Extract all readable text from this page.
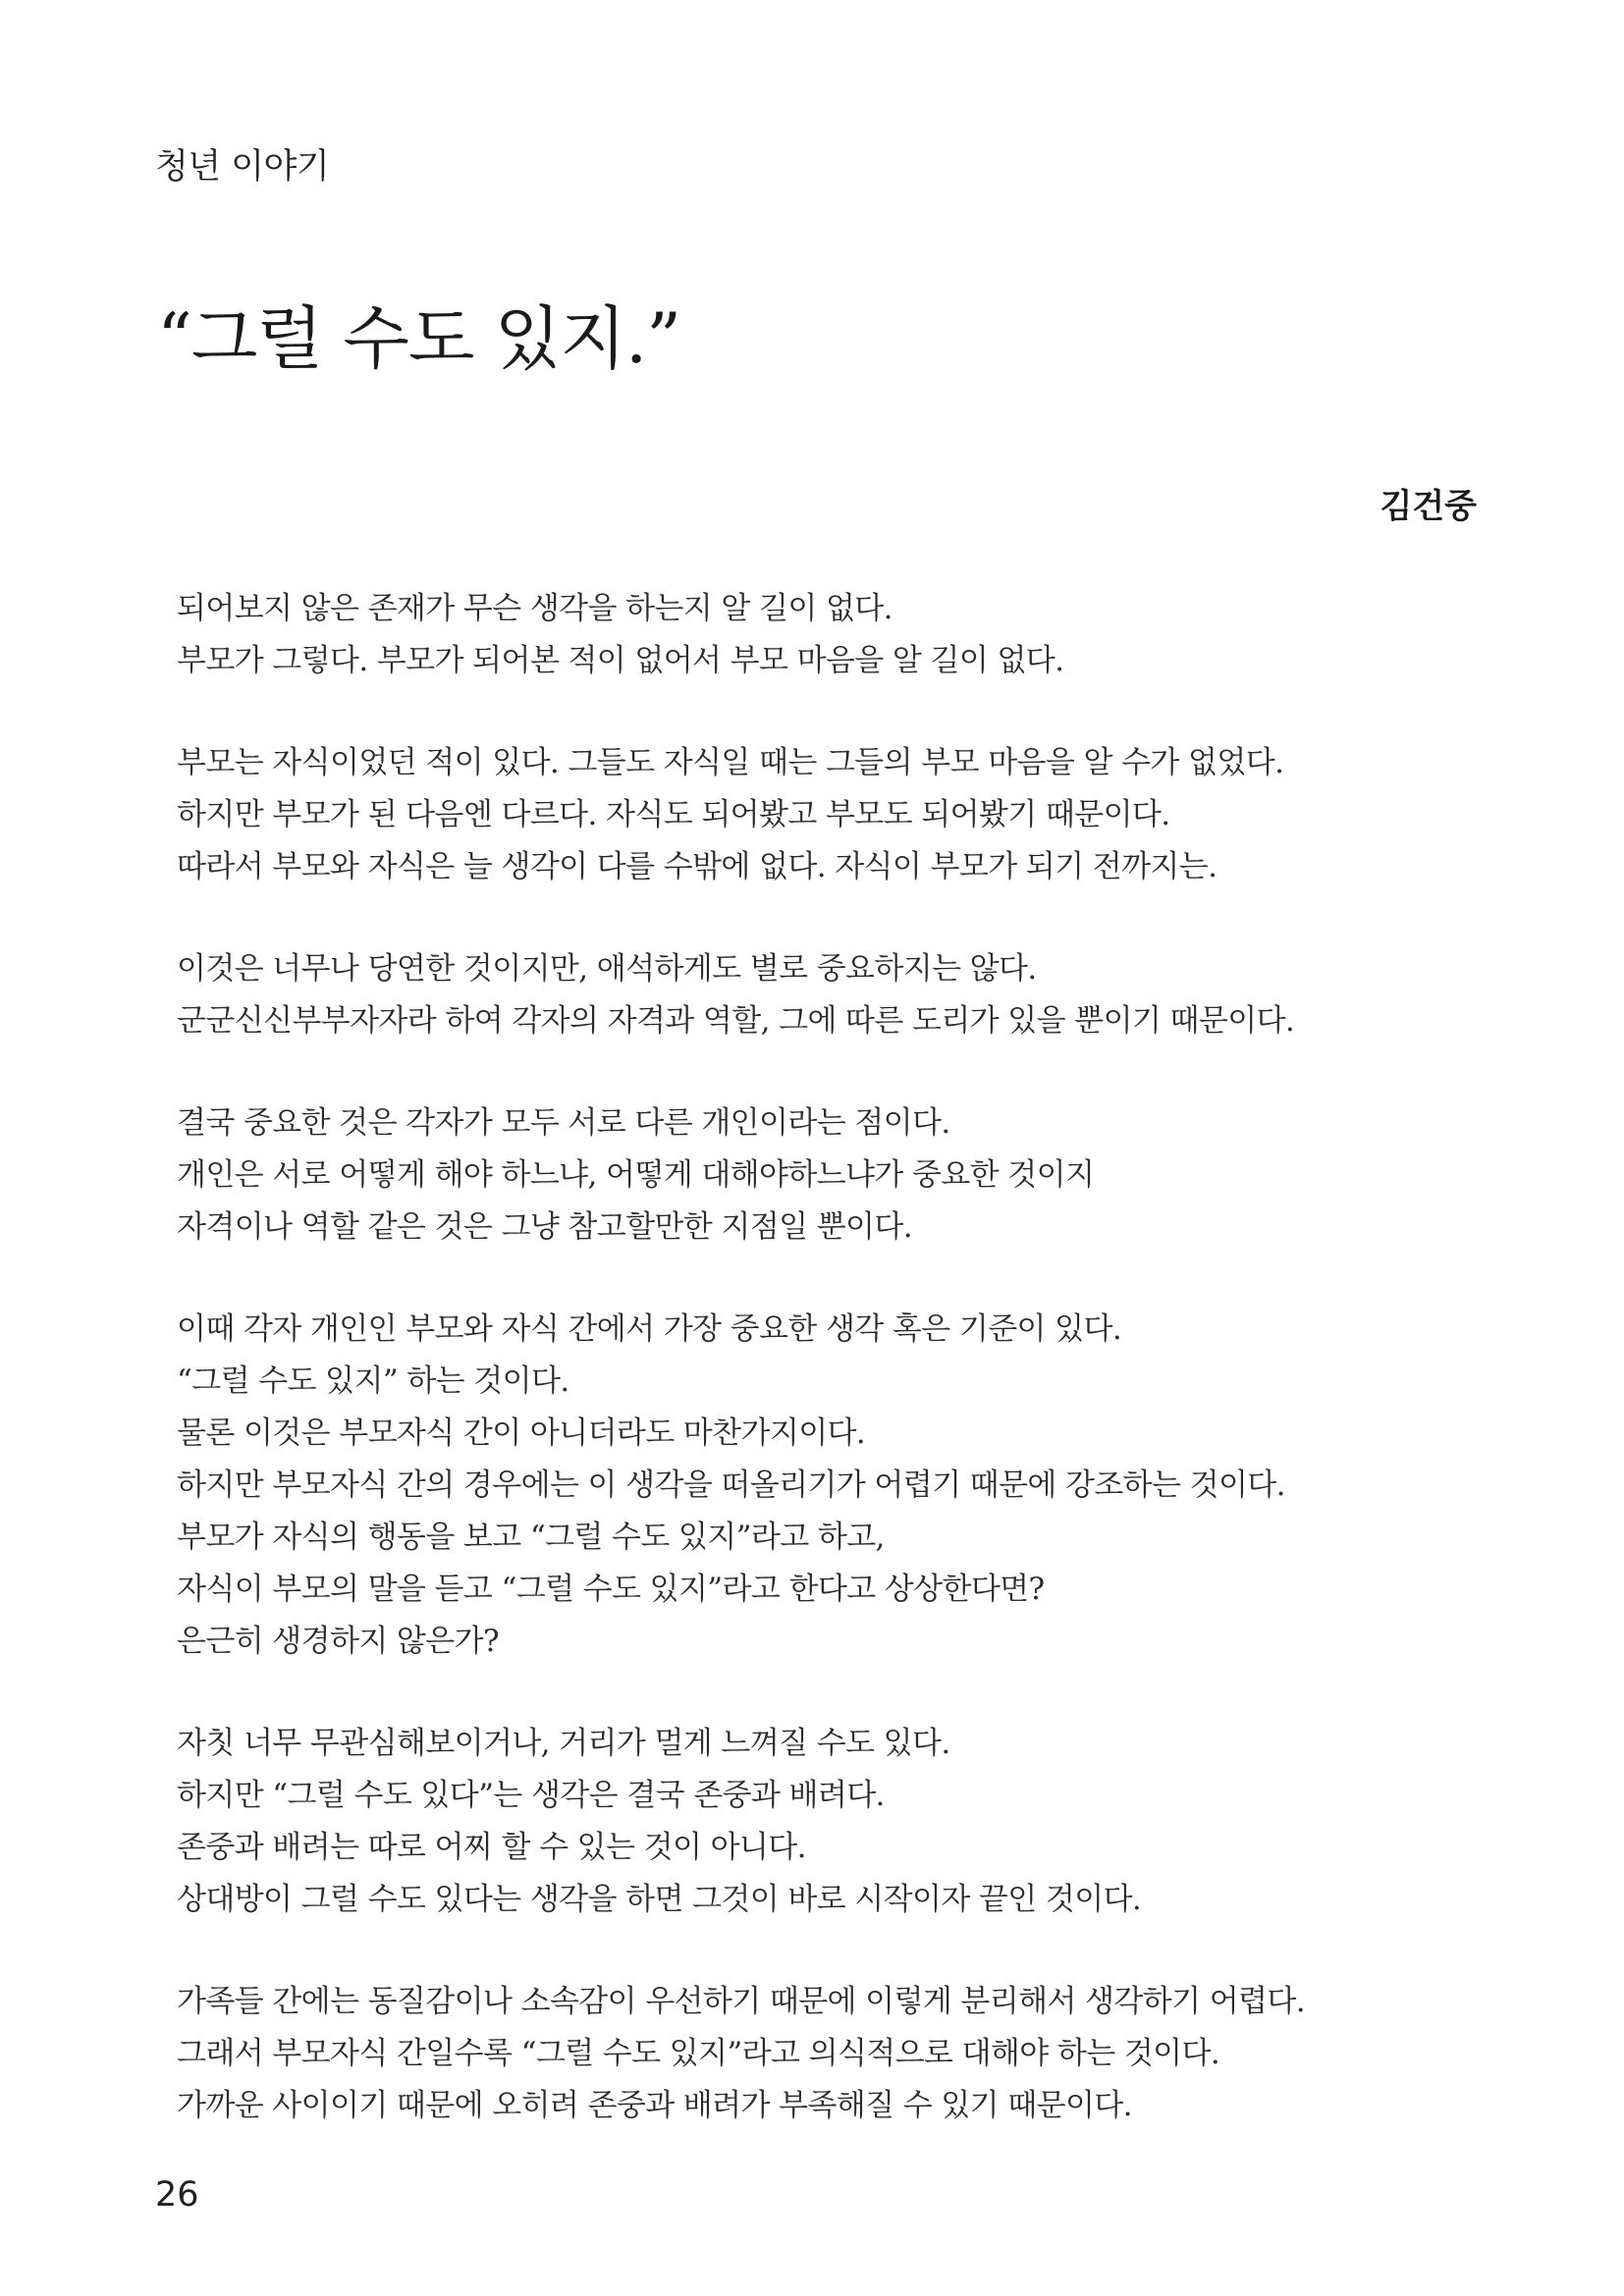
청년 이야기
“그럴 수도 있지.”
김건중

되어보지 않은 존재가 무슨 생각을 하는지 알 길이 없다.
부모가 그렇다. 부모가 되어본 적이 없어서 부모 마음을 알 길이 없다.

부모는 자식이었던 적이 있다. 그들도 자식일 때는 그들의 부모 마음을 알 수가 없었다.
하지만 부모가 된 다음엔 다르다. 자식도 되어봤고 부모도 되어봤기 때문이다.
따라서 부모와 자식은 늘 생각이 다를 수밖에 없다. 자식이 부모가 되기 전까지는.

이것은 너무나 당연한 것이지만, 애석하게도 별로 중요하지는 않다.
군군신신부부자자라 하여 각자의 자격과 역할, 그에 따른 도리가 있을 뿐이기 때문이다.

결국 중요한 것은 각자가 모두 서로 다른 개인이라는 점이다.
개인은 서로 어떻게 해야 하느냐, 어떻게 대해야하느냐가 중요한 것이지
자격이나 역할 같은 것은 그냥 참고할만한 지점일 뿐이다.

이때 각자 개인인 부모와 자식 간에서 가장 중요한 생각 혹은 기준이 있다.
“그럴 수도 있지” 하는 것이다.
물론 이것은 부모자식 간이 아니더라도 마찬가지이다.
하지만 부모자식 간의 경우에는 이 생각을 떠올리기가 어렵기 때문에 강조하는 것이다.
부모가 자식의 행동을 보고 “그럴 수도 있지”라고 하고,
자식이 부모의 말을 듣고 “그럴 수도 있지”라고 한다고 상상한다면?
은근히 생경하지 않은가?

자칫 너무 무관심해보이거나, 거리가 멀게 느껴질 수도 있다.
하지만 “그럴 수도 있다”는 생각은 결국 존중과 배려다.
존중과 배려는 따로 어찌 할 수 있는 것이 아니다.
상대방이 그럴 수도 있다는 생각을 하면 그것이 바로 시작이자 끝인 것이다.

가족들 간에는 동질감이나 소속감이 우선하기 때문에 이렇게 분리해서 생각하기 어렵다.
그래서 부모자식 간일수록 “그럴 수도 있지”라고 의식적으로 대해야 하는 것이다.
가까운 사이이기 때문에 오히려 존중과 배려가 부족해질 수 있기 때문이다.

26
